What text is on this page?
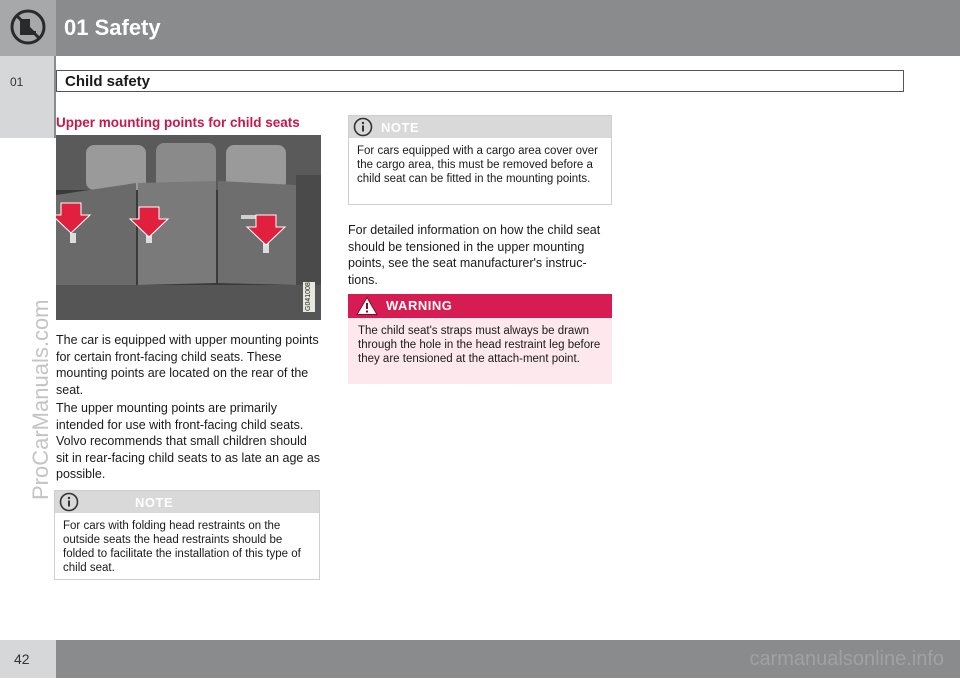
01 Safety
01	Child safety
ProCarManuals.com
Upper mounting points for child seats
G041008
The car is equipped with upper mounting points for certain front-facing child seats. These mounting points are located on the rear of the seat.
The upper mounting points are primarily intended for use with front-facing child seats. Volvo recommends that small children should sit in rear-facing child seats to as late an age as possible.
NOTE
For cars with folding head restraints on the outside seats the head restraints should be folded to facilitate the installation of this type of child seat.
NOTE
For cars equipped with a cargo area cover over the cargo area, this must be removed before a child seat can be fitted in the mounting points.
For detailed information on how the child seat should be tensioned in the upper mounting points, see the seat manufacturer's instruc-tions.
WARNING
The child seat's straps must always be drawn through the hole in the head restraint leg before they are tensioned at the attach-ment point.
42	carmanualsonline.info
